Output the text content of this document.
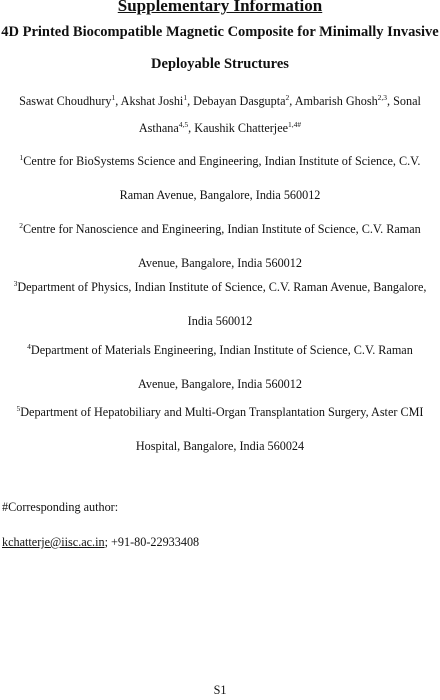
Supplementary Information
4D Printed Biocompatible Magnetic Composite for Minimally Invasive
Deployable Structures
Saswat Choudhury$^1$, Akshat Joshi$^1$, Debayan Dasgupta$^2$, Ambarish Ghosh$^{2,3}$, Sonal
Asthana$^{4,5}$, Kaushik Chatterjee$^{1,4\#}$
$^1$Centre for BioSystems Science and Engineering, Indian Institute of Science, C.V. Raman Avenue, Bangalore, India 560012
$^2$Centre for Nanoscience and Engineering, Indian Institute of Science, C.V. Raman Avenue, Bangalore, India 560012
$^3$Department of Physics, Indian Institute of Science, C.V. Raman Avenue, Bangalore, India 560012
$^4$Department of Materials Engineering, Indian Institute of Science, C.V. Raman Avenue, Bangalore, India 560012
$^5$Department of Hepatobiliary and Multi-Organ Transplantation Surgery, Aster CMI Hospital, Bangalore, India 560024
#Corresponding author:
kchatterje@iisc.ac.in; +91-80-22933408
S1
